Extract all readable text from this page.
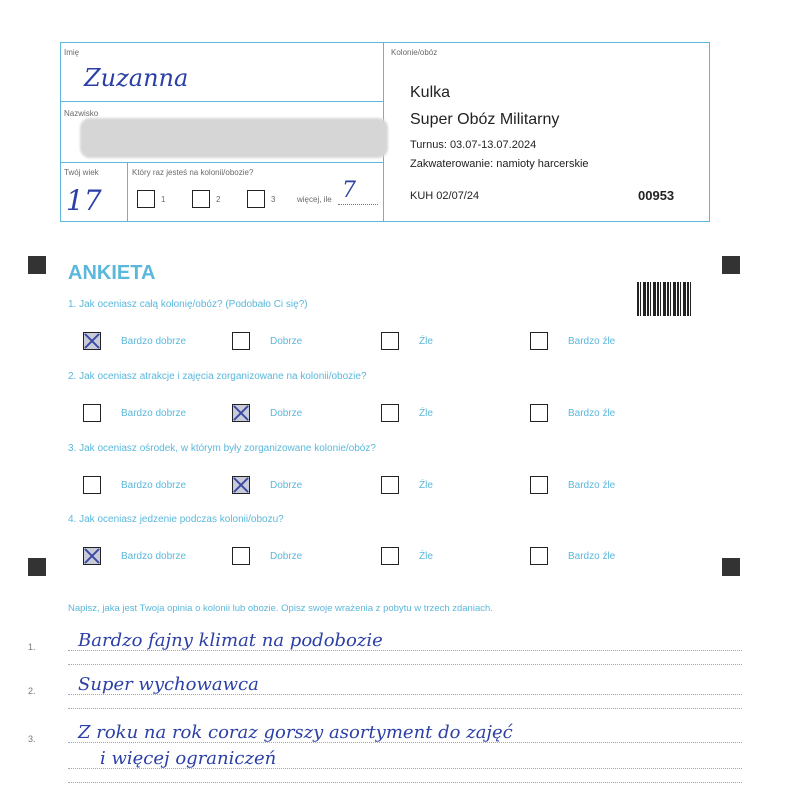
Imię
Zuzanna
Nazwisko
Twój wiek
17
Który raz jesteś na kolonii/obozie?
1	2	3	więcej, ile 7
Kolonie/obóz
Kulka
Super Obóz Militarny
Turnus: 03.07-13.07.2024
Zakwaterowanie: namioty harcerskie
KUH 02/07/24	00953
ANKIETA
1. Jak oceniasz całą kolonię/obóz? (Podobało Ci się?)
Bardzo dobrze	Dobrze	Źle	Bardzo źle
2. Jak oceniasz atrakcje i zajęcia zorganizowane na kolonii/obozie?
Bardzo dobrze	Dobrze	Źle	Bardzo źle
3. Jak oceniasz ośrodek, w którym były zorganizowane kolonie/obóz?
Bardzo dobrze	Dobrze	Źle	Bardzo źle
4. Jak oceniasz jedzenie podczas kolonii/obozu?
Bardzo dobrze	Dobrze	Źle	Bardzo źle
Napisz, jaka jest Twoja opinia o kolonii lub obozie. Opisz swoje wrażenia z pobytu w trzech zdaniach.
1. Bardzo fajny klimat na podobozie
2. Super wychowawca
3. Z roku na rok coraz gorszy asortyment do zajęć
i więcej ograniczeń
